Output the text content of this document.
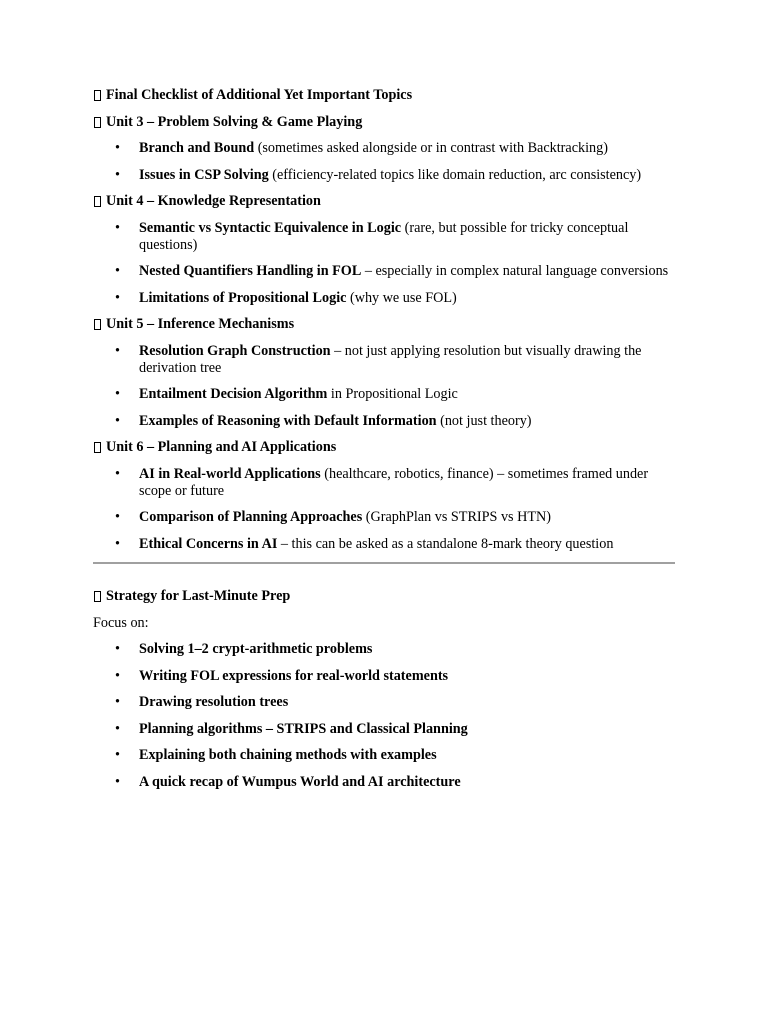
Final Checklist of Additional Yet Important Topics
Unit 3 – Problem Solving & Game Playing
• Branch and Bound (sometimes asked alongside or in contrast with Backtracking)
• Issues in CSP Solving (efficiency-related topics like domain reduction, arc consistency)
Unit 4 – Knowledge Representation
• Semantic vs Syntactic Equivalence in Logic (rare, but possible for tricky conceptual questions)
• Nested Quantifiers Handling in FOL – especially in complex natural language conversions
• Limitations of Propositional Logic (why we use FOL)
Unit 5 – Inference Mechanisms
• Resolution Graph Construction – not just applying resolution but visually drawing the derivation tree
• Entailment Decision Algorithm in Propositional Logic
• Examples of Reasoning with Default Information (not just theory)
Unit 6 – Planning and AI Applications
• AI in Real-world Applications (healthcare, robotics, finance) – sometimes framed under scope or future
• Comparison of Planning Approaches (GraphPlan vs STRIPS vs HTN)
• Ethical Concerns in AI – this can be asked as a standalone 8-mark theory question
Strategy for Last-Minute Prep
Focus on:
• Solving 1–2 crypt-arithmetic problems
• Writing FOL expressions for real-world statements
• Drawing resolution trees
• Planning algorithms – STRIPS and Classical Planning
• Explaining both chaining methods with examples
• A quick recap of Wumpus World and AI architecture
